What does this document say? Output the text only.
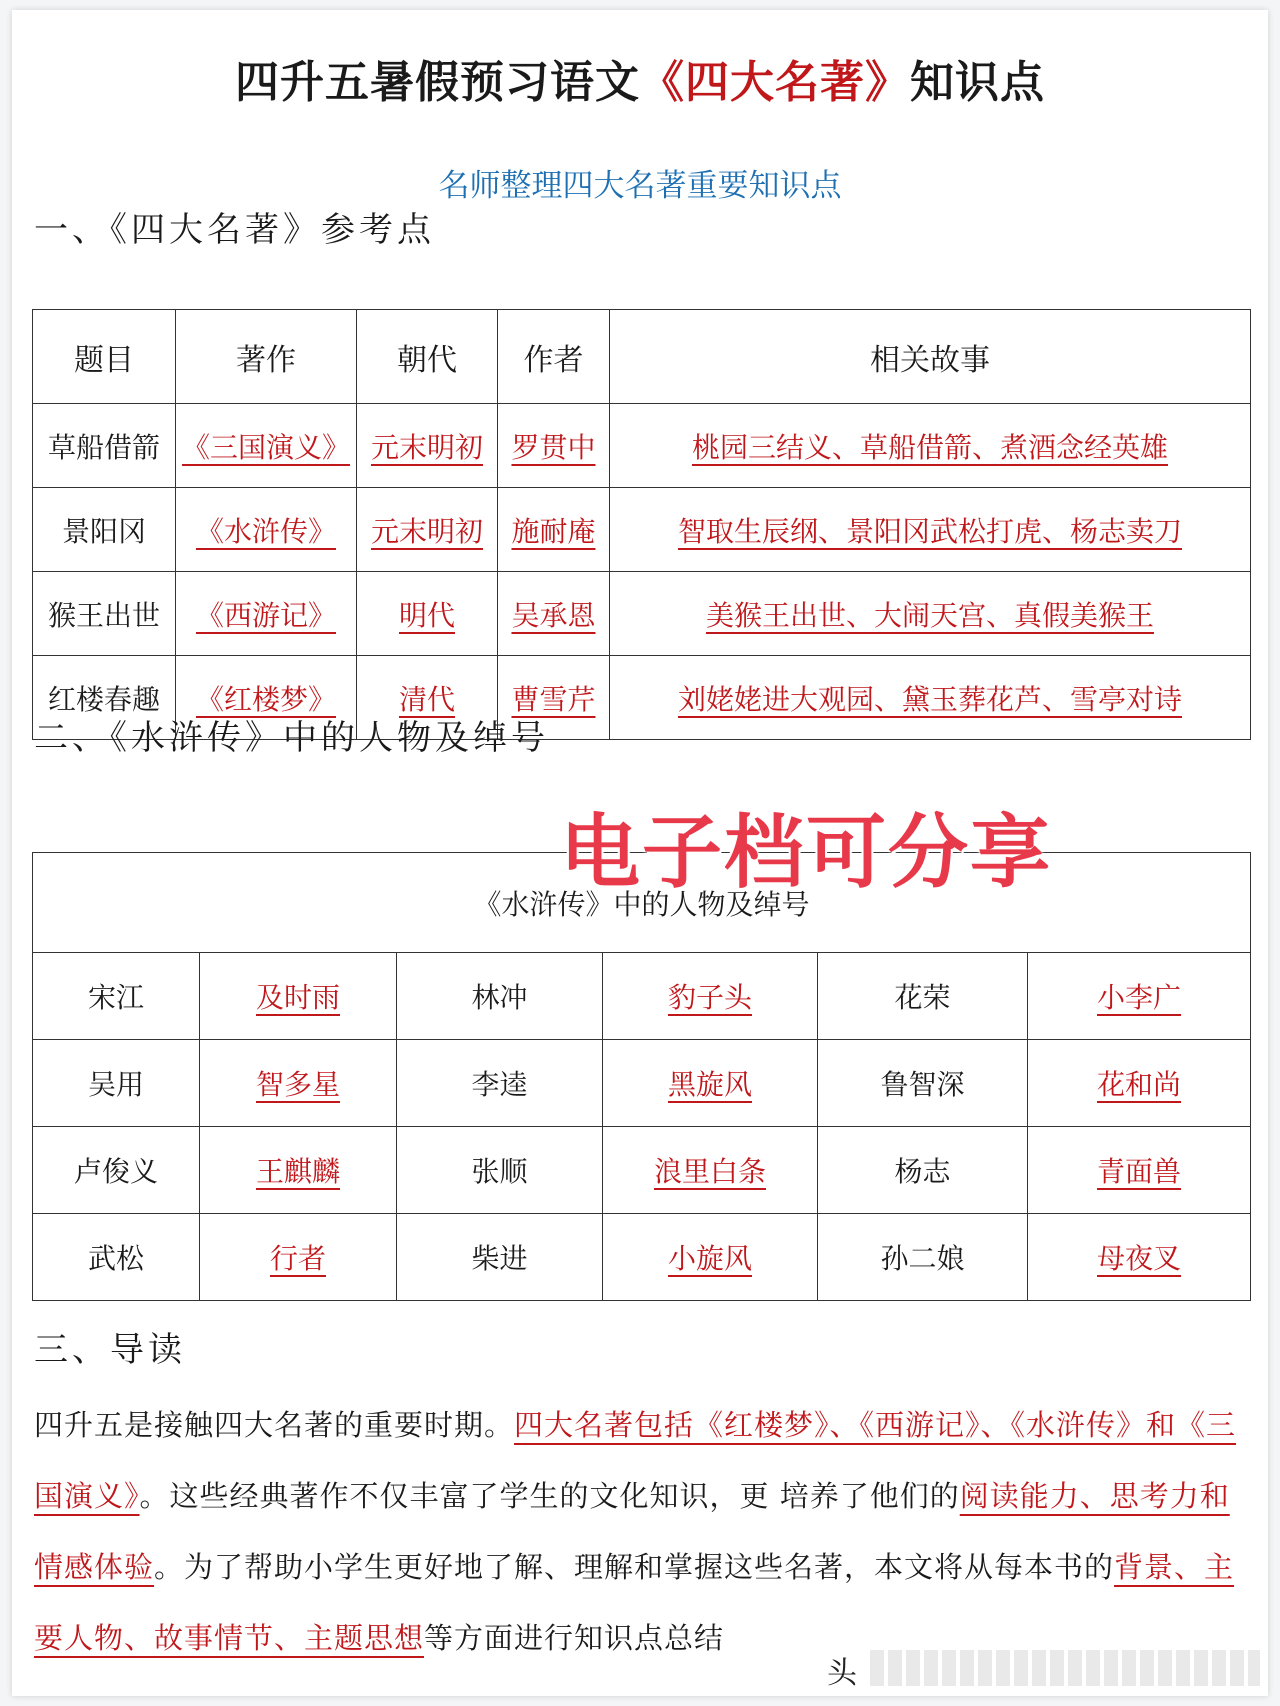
四升五暑假预习语文《四大名著》知识点
名师整理四大名著重要知识点
一、《四大名著》参考点
题目	著作	朝代	作者	相关故事
草船借箭	《三国演义》	元末明初	罗贯中	桃园三结义、草船借箭、煮酒念经英雄
景阳冈	《水浒传》	元末明初	施耐庵	智取生辰纲、景阳冈武松打虎、杨志卖刀
猴王出世	《西游记》	明代	吴承恩	美猴王出世、大闹天宫、真假美猴王
红楼春趣	《红楼梦》	清代	曹雪芹	刘姥姥进大观园、黛玉葬花芦、雪亭对诗
二、《水浒传》中的人物及绰号
《水浒传》中的人物及绰号					
宋江	及时雨	林冲	豹子头	花荣	小李广
吴用	智多星	李逵	黑旋风	鲁智深	花和尚
卢俊义	王麒麟	张顺	浪里白条	杨志	青面兽
武松	行者	柴进	小旋风	孙二娘	母夜叉
三、导读
四升五是接触四大名著的重要时期。四大名著包括《红楼梦》、《西游记》、《水浒传》和《三国演义》。这些经典著作不仅丰富了学生的文化知识，更 培养了他们的阅读能力、思考力和情感体验。为了帮助小学生更好地了解、理解和掌握这些名著，本文将从每本书的背景、主要人物、故事情节、主题思想等方面进行知识点总结
电子档可分享
头
